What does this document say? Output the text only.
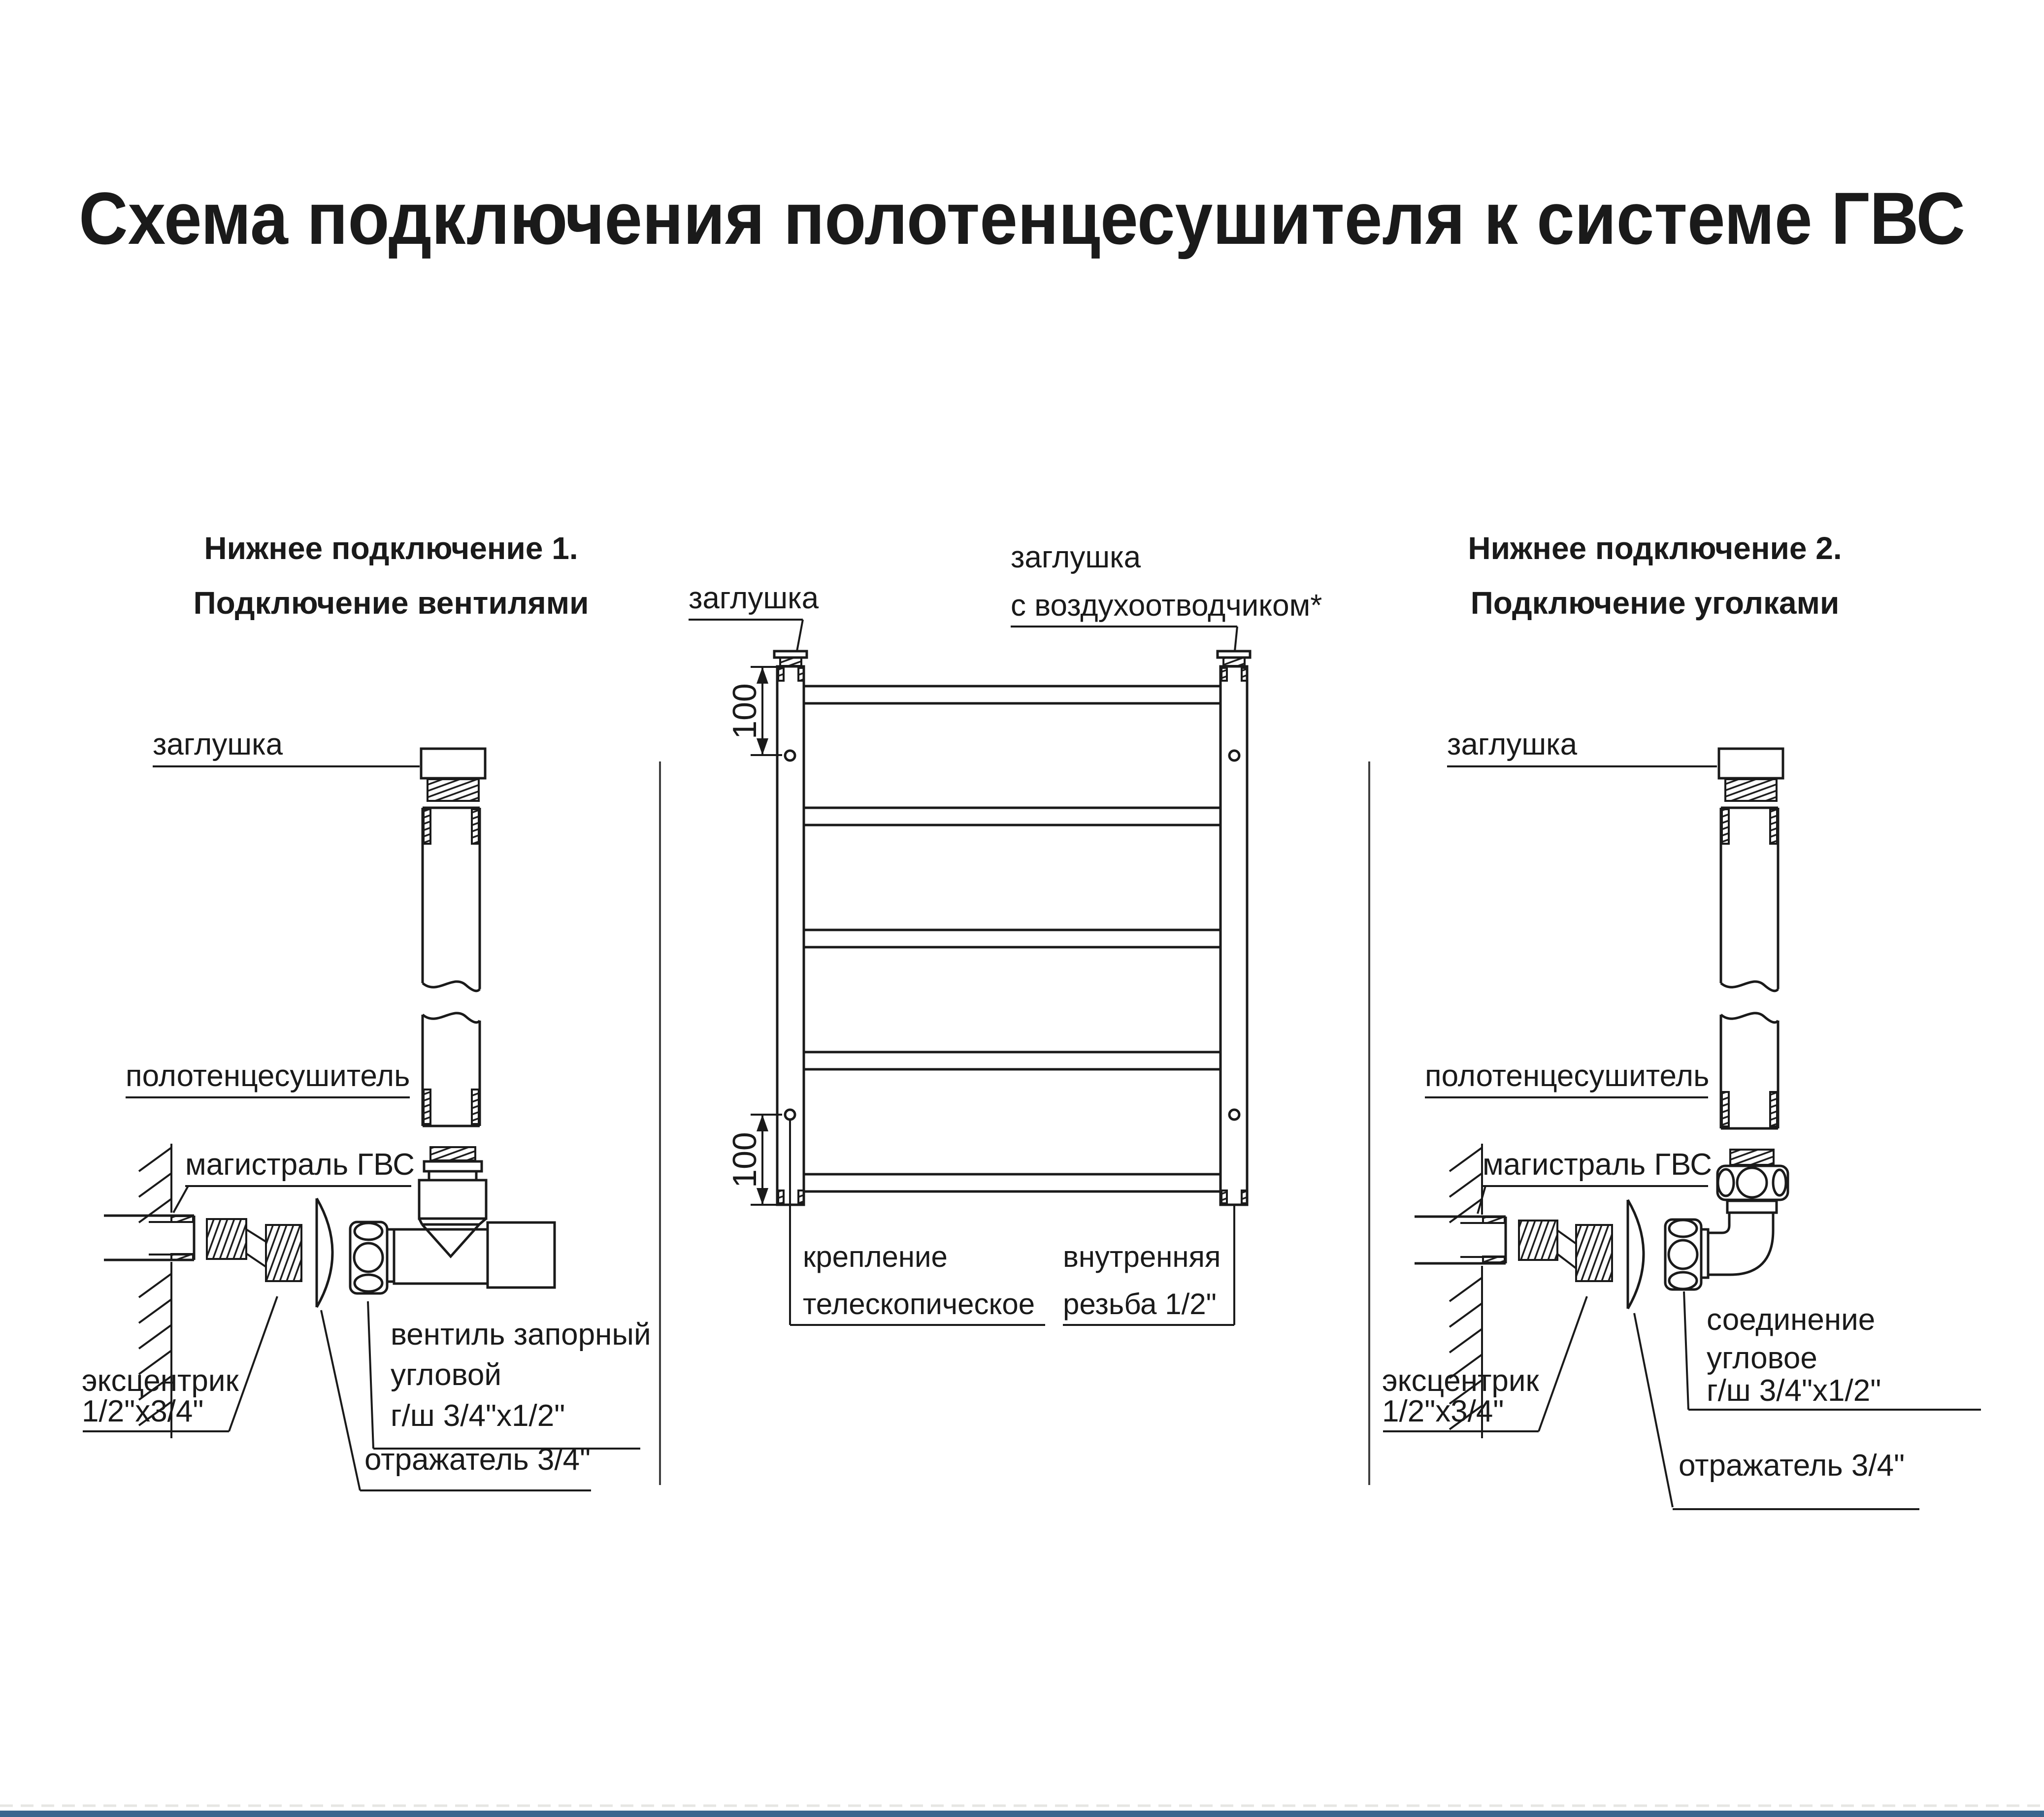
Схема подключения полотенцесушителя к системе ГВС
Нижнее подключение 1.
Подключение вентилями
заглушка
полотенцесушитель
магистраль ГВС
эксцентрик
1/2"x3/4"
вентиль запорный
угловой
г/ш 3/4"x1/2"
отражатель 3/4"
заглушка
заглушка
с воздухоотводчиком*
100
100
крепление
телескопическое
внутренняя
резьба 1/2"
Нижнее подключение 2.
Подключение уголками
заглушка
полотенцесушитель
магистраль ГВС
эксцентрик
1/2"x3/4"
соединение
угловое
г/ш 3/4"x1/2"
отражатель 3/4"
